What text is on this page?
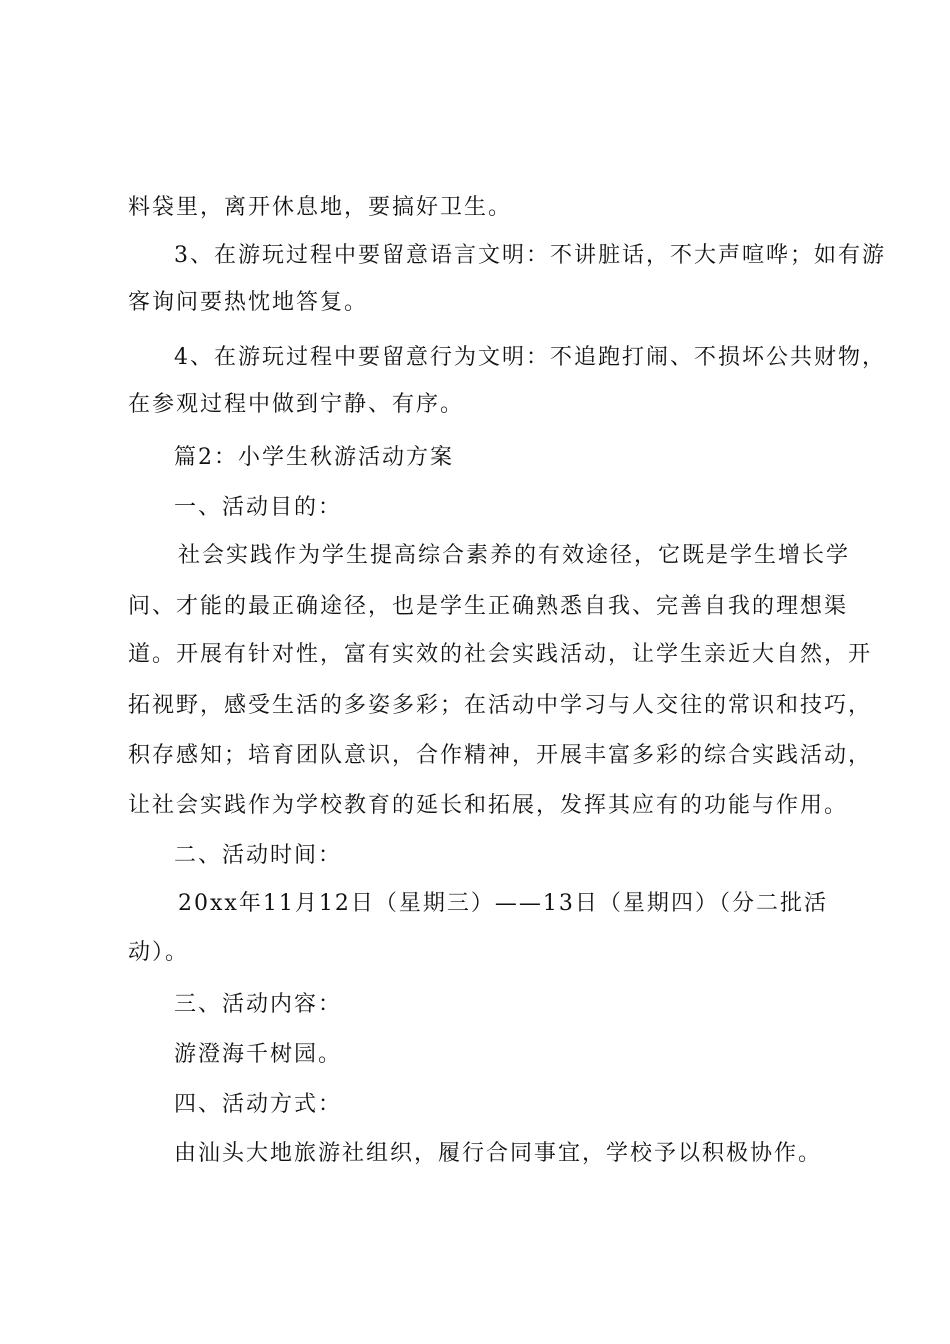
料袋里，离开休息地，要搞好卫生。
3、在游玩过程中要留意语言文明：不讲脏话，不大声喧哗；如有游
客询问要热忱地答复。
4、在游玩过程中要留意行为文明：不追跑打闹、不损坏公共财物，
在参观过程中做到宁静、有序。
篇2：小学生秋游活动方案
一、活动目的：
社会实践作为学生提高综合素养的有效途径，它既是学生增长学
问、才能的最正确途径，也是学生正确熟悉自我、完善自我的理想渠
道。开展有针对性，富有实效的社会实践活动，让学生亲近大自然，开
拓视野，感受生活的多姿多彩；在活动中学习与人交往的常识和技巧，
积存感知；培育团队意识，合作精神，开展丰富多彩的综合实践活动，
让社会实践作为学校教育的延长和拓展，发挥其应有的功能与作用。
二、活动时间：
20xx年11月12日（星期三）——13日（星期四）（分二批活
动）。
三、活动内容：
游澄海千树园。
四、活动方式：
由汕头大地旅游社组织，履行合同事宜，学校予以积极协作。
